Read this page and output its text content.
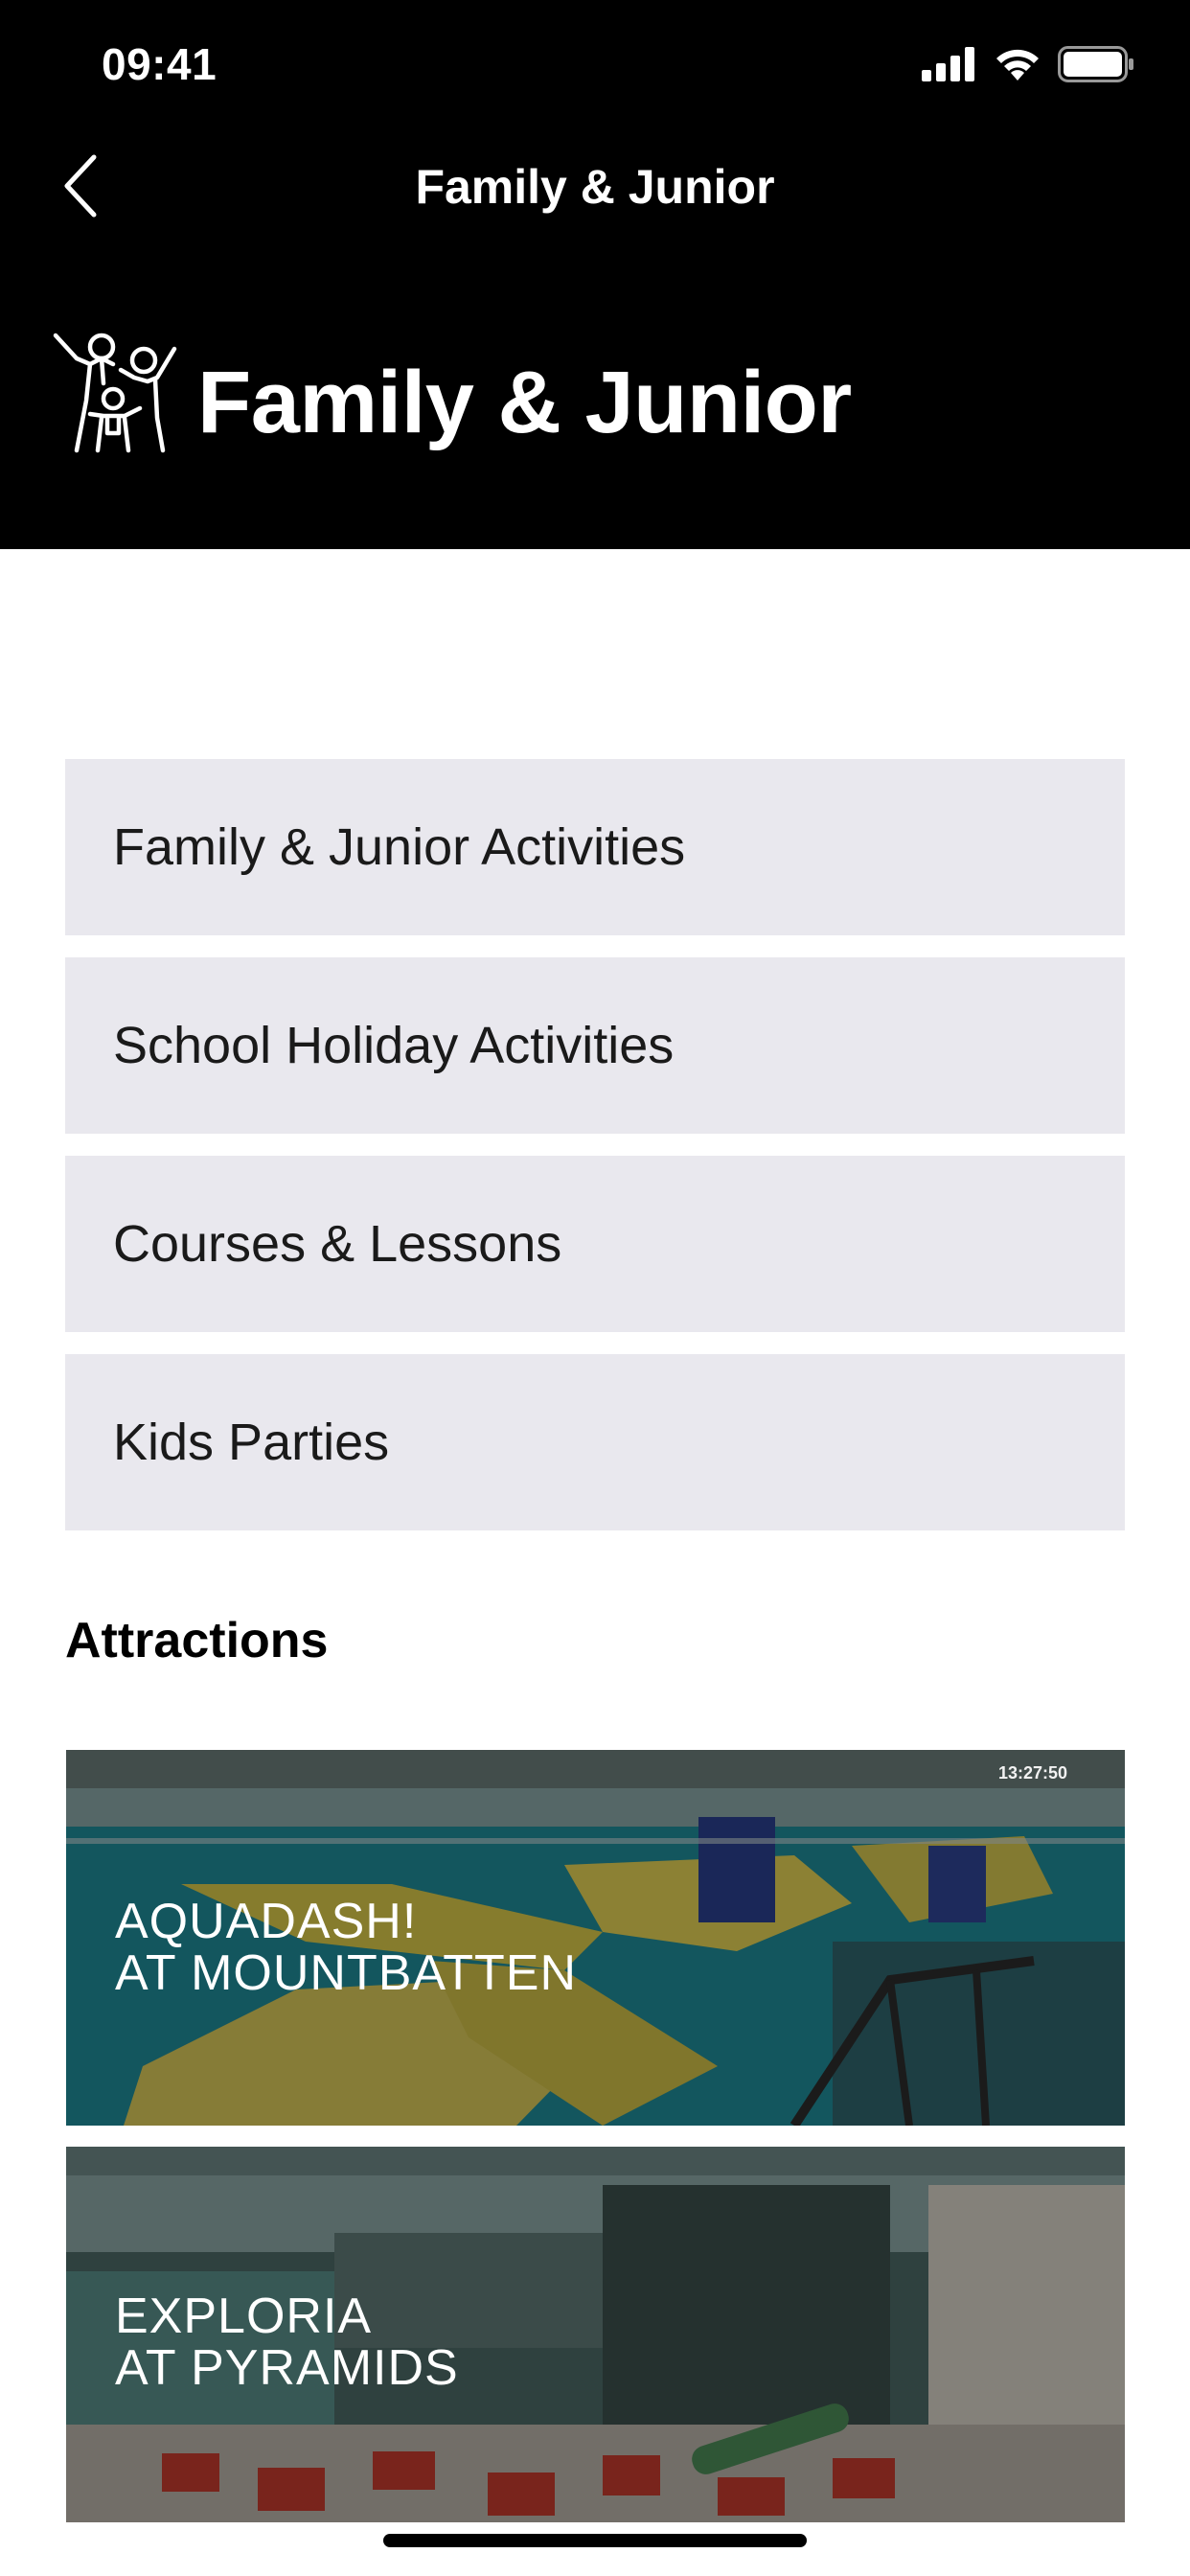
09:41
Family & Junior
Family & Junior
Family & Junior Activities
School Holiday Activities
Courses & Lessons
Kids Parties
Attractions
13:27:50
AQUADASH!
AT MOUNTBATTEN
EXPLORIA
AT PYRAMIDS
